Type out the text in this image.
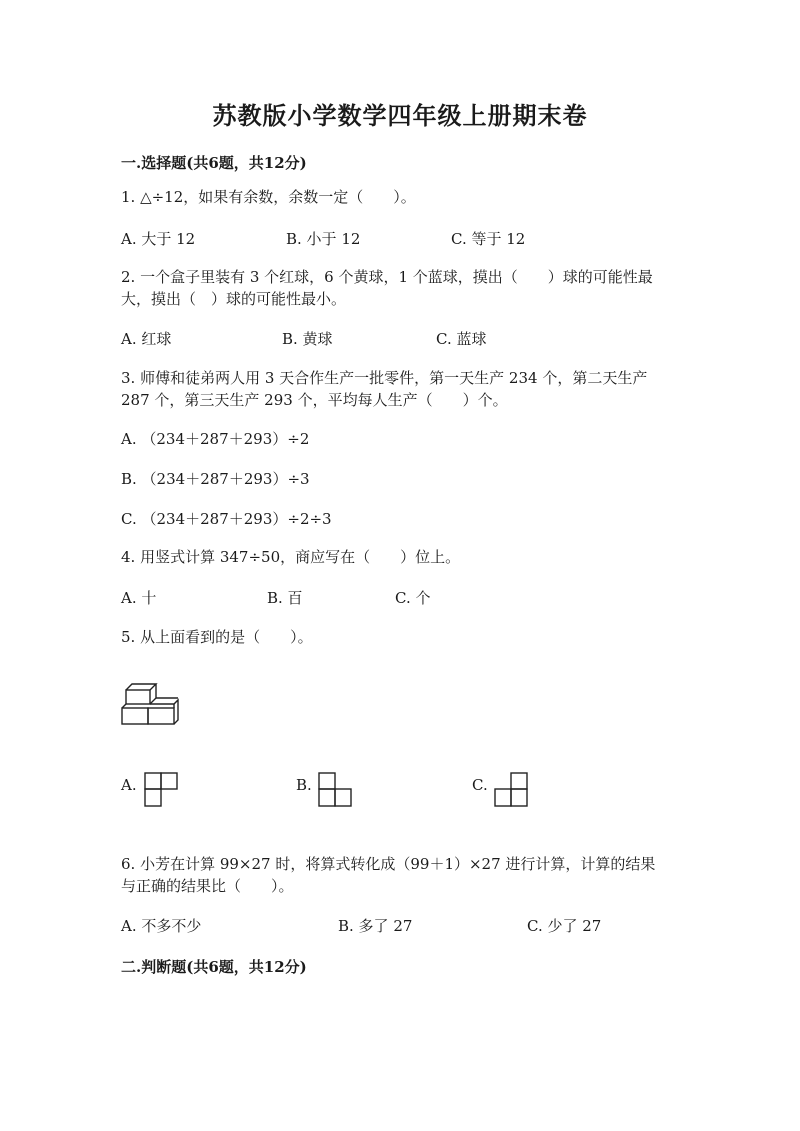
苏教版小学数学四年级上册期末卷
一.选择题(共6题，共12分)
1. △÷12，如果有余数，余数一定（　　）。
A. 大于 12	B. 小于 12	C. 等于 12
2. 一个盒子里装有 3 个红球，6 个黄球，1 个蓝球，摸出（　　）球的可能性最
大，摸出（　）球的可能性最小。
A. 红球	B. 黄球	C. 蓝球
3. 师傅和徒弟两人用 3 天合作生产一批零件，第一天生产 234 个，第二天生产
287 个，第三天生产 293 个，平均每人生产（　　）个。
A. （234＋287＋293）÷2
B. （234＋287＋293）÷3
C. （234＋287＋293）÷2÷3
4. 用竖式计算 347÷50，商应写在（　　）位上。
A. 十	B. 百	C. 个
5. 从上面看到的是（　　）。
A.	B.	C.
6. 小芳在计算 99×27 时，将算式转化成（99＋1）×27 进行计算，计算的结果
与正确的结果比（　　）。
A. 不多不少	B. 多了 27	C. 少了 27
二.判断题(共6题，共12分)
